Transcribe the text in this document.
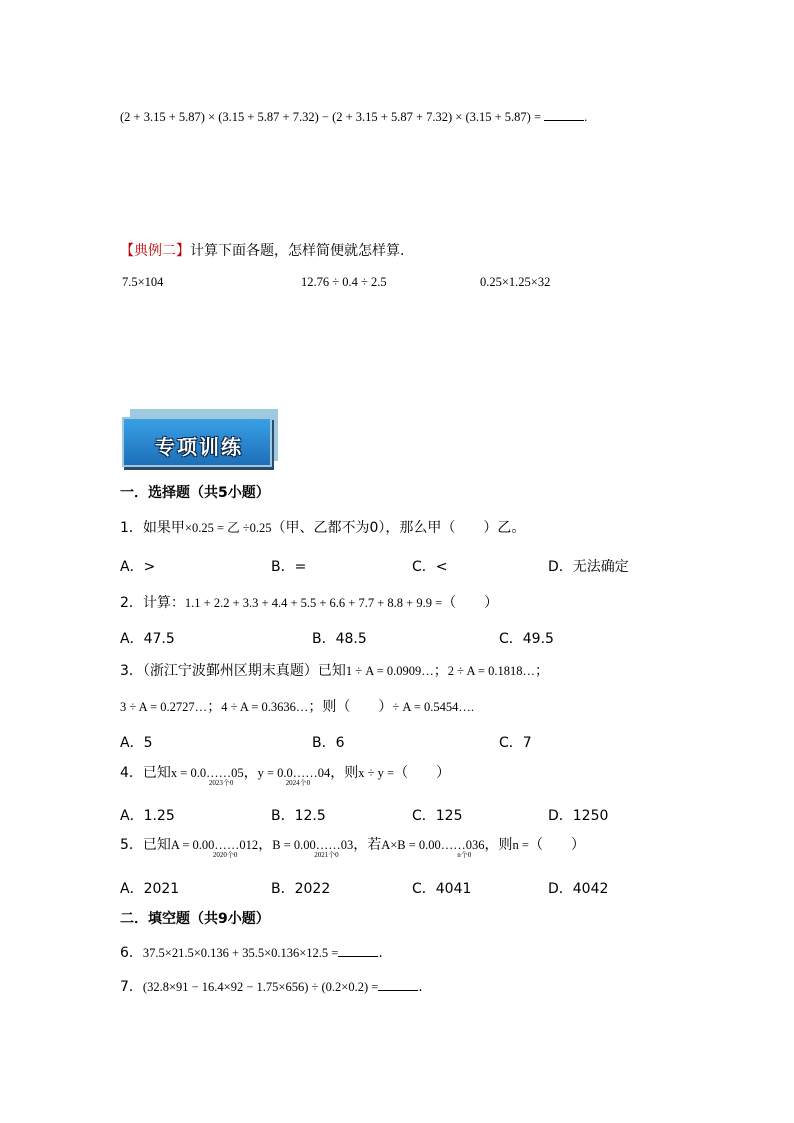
(2 + 3.15 + 5.87) × (3.15 + 5.87 + 7.32) − (2 + 3.15 + 5.87 + 7.32) × (3.15 + 5.87) =	.
【典例二】计算下面各题，怎样简便就怎样算.
7.5×104	12.76 ÷ 0.4 ÷ 2.5	0.25×1.25×32
专项训练
一．选择题（共5小题）
1．如果甲×0.25 = 乙 ÷0.25（甲、乙都不为0），那么甲（　　）乙。
A．>	B．=	C．<	D．无法确定
2．计算：1.1 + 2.2 + 3.3 + 4.4 + 5.5 + 6.6 + 7.7 + 8.8 + 9.9 =（　　）
A．47.5	B．48.5	C．49.5
3．（浙江宁波鄞州区期末真题）已知1 ÷ A = 0.0909…；2 ÷ A = 0.1818…；
3 ÷ A = 0.2727…；4 ÷ A = 0.3636…；则（　　）÷ A = 0.5454….
A．5	B．6	C．7
4．已知x = 0.0……05
2023个0
，y = 0.0……04
2024个0
，则x ÷ y =（　　）
A．1.25	B．12.5	C．125	D．1250
5．已知A = 0.00……012
2020个0
，B = 0.00……03
2021个0
，若A×B = 0.00……036
n个0
，则n =（　　）
A．2021	B．2022	C．4041	D．4042
二．填空题（共9小题）
6．37.5×21.5×0.136 + 35.5×0.136×12.5 =	.
7．(32.8×91 − 16.4×92 − 1.75×656) ÷ (0.2×0.2) =	.
